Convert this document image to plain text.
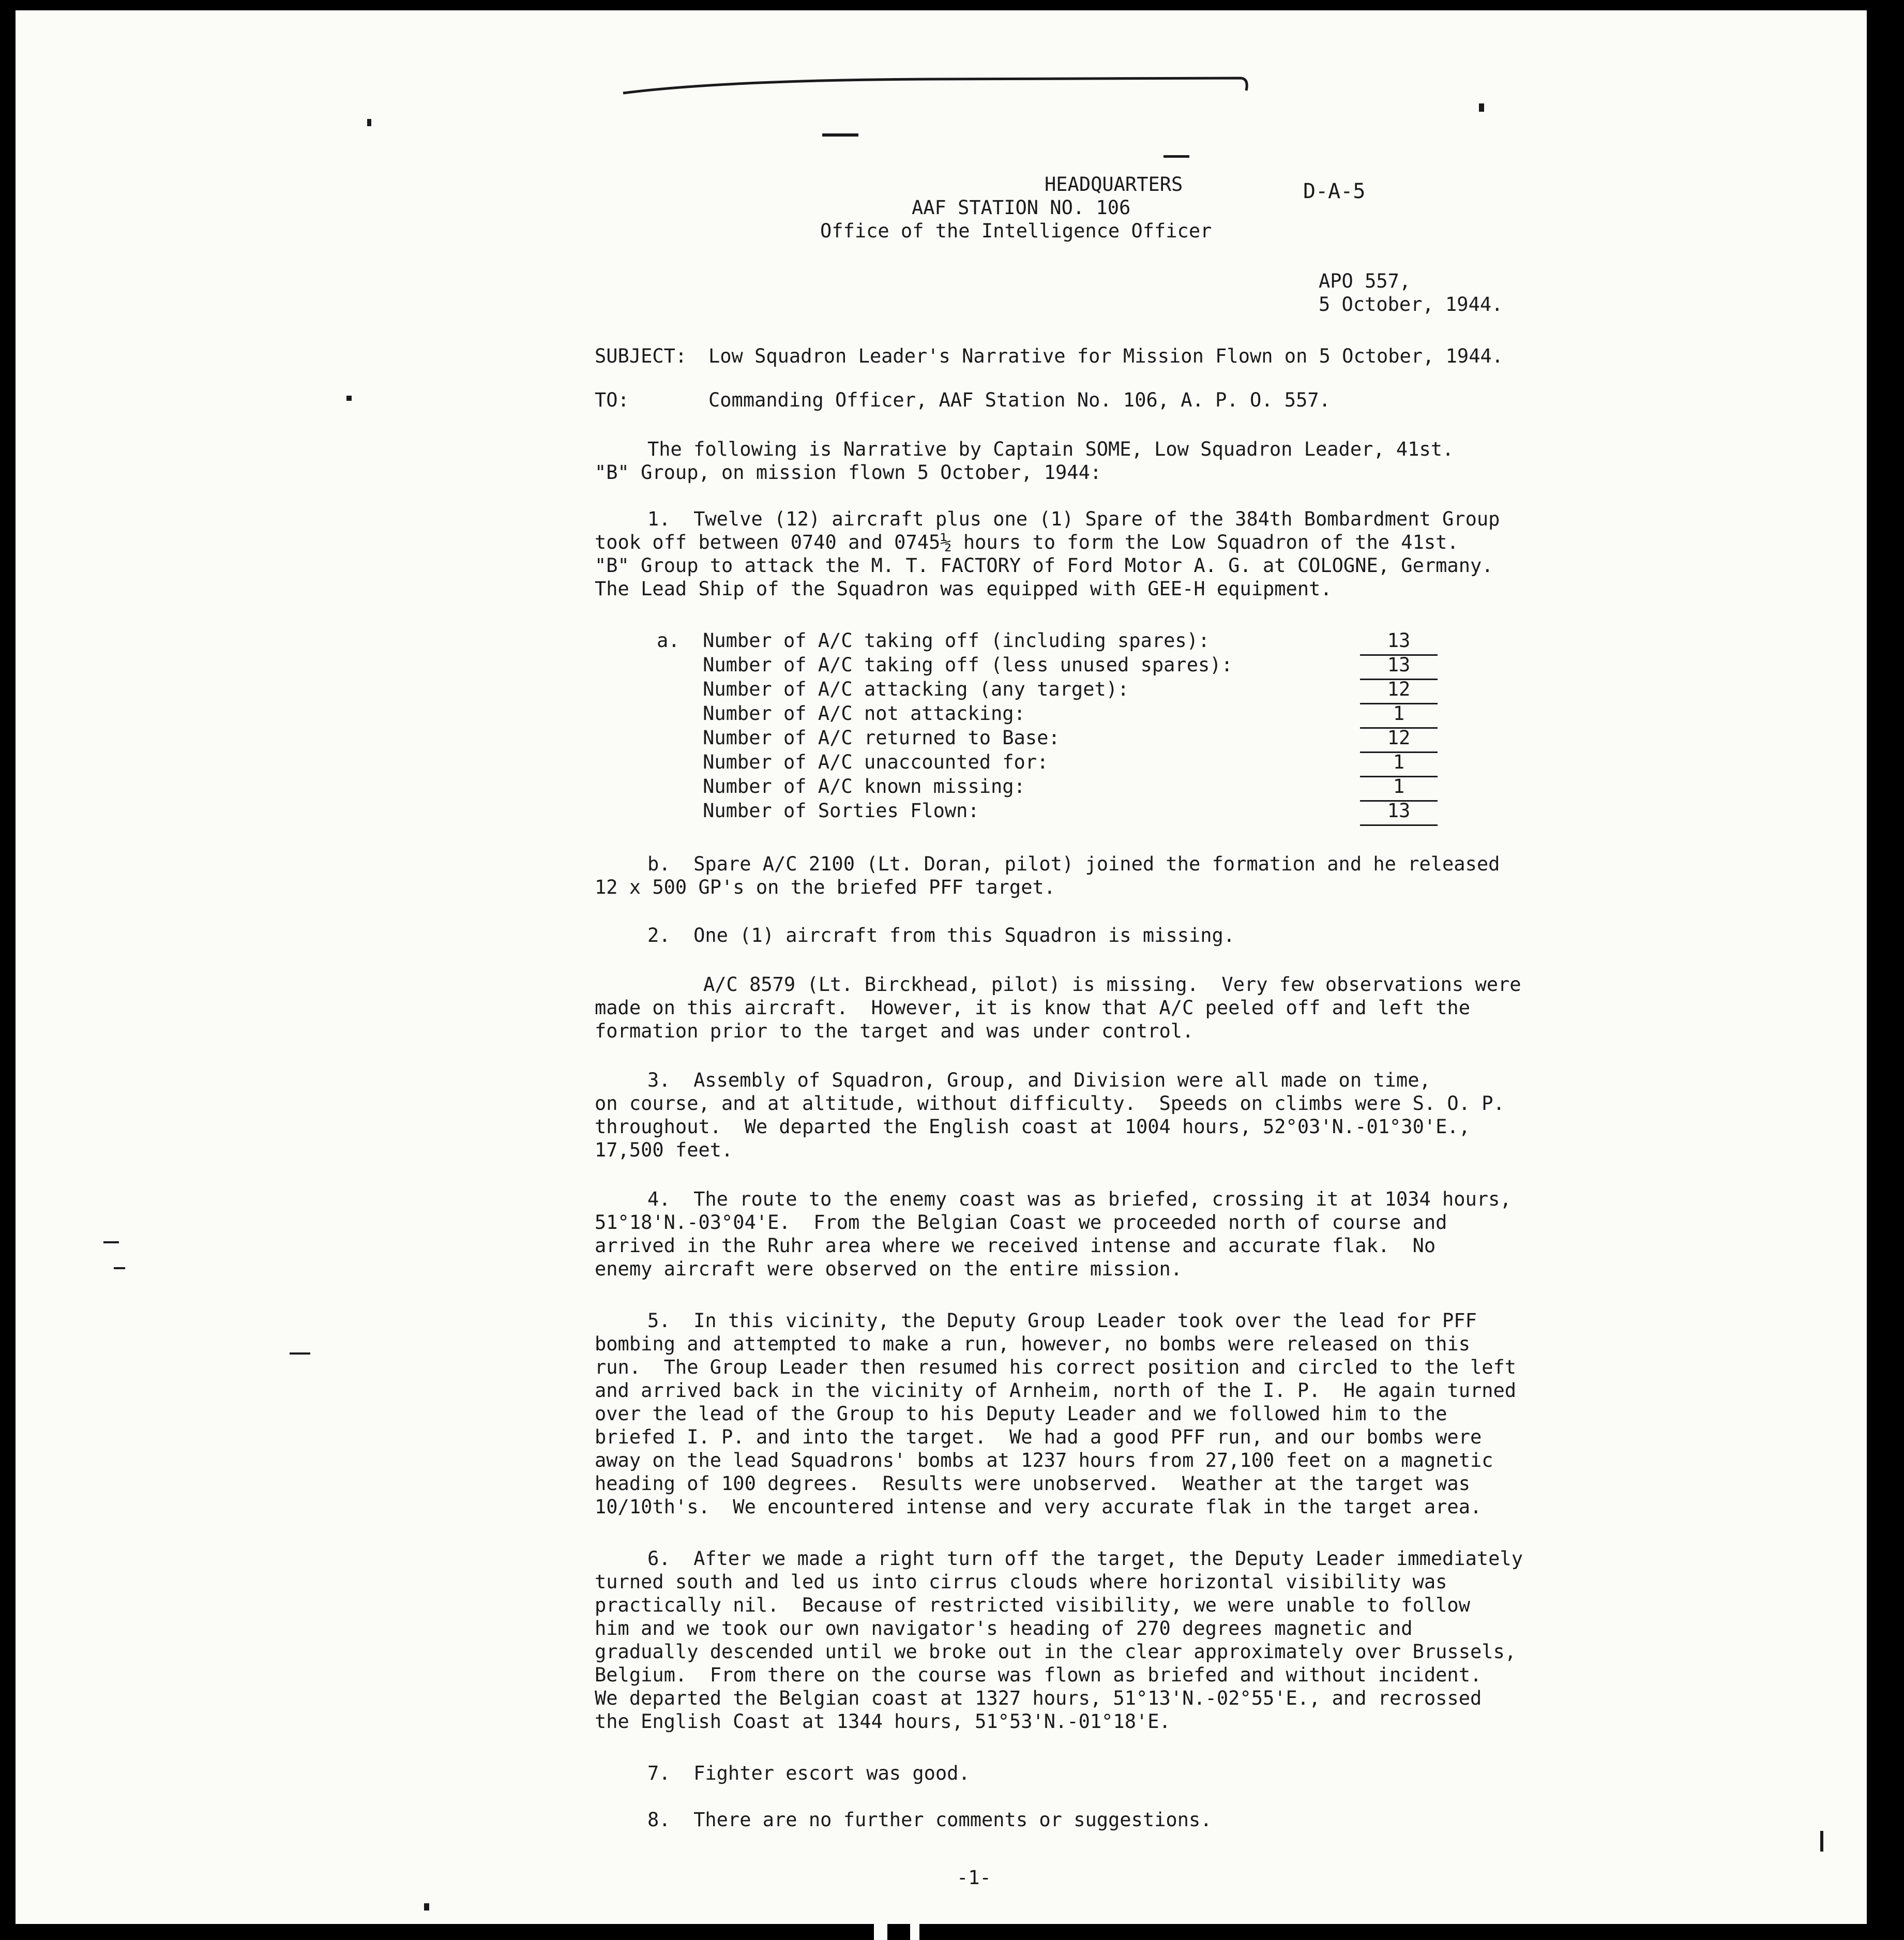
HEADQUARTERS
AAF STATION NO. 106
Office of the Intelligence Officer
D-A-5
APO 557,
5 October, 1944.
SUBJECT: Low Squadron Leader's Narrative for Mission Flown on 5 October, 1944.
TO:	Commanding Officer, AAF Station No. 106, A. P. O. 557.
The following is Narrative by Captain SOME, Low Squadron Leader, 41st.
"B" Group, on mission flown 5 October, 1944:
1.  Twelve (12) aircraft plus one (1) Spare of the 384th Bombardment Group
took off between 0740 and 0745½ hours to form the Low Squadron of the 41st.
"B" Group to attack the M. T. FACTORY of Ford Motor A. G. at COLOGNE, Germany.
The Lead Ship of the Squadron was equipped with GEE-H equipment.
a.  Number of A/C taking off (including spares):	13
Number of A/C taking off (less unused spares):	13
Number of A/C attacking (any target):	12
Number of A/C not attacking:	1
Number of A/C returned to Base:	12
Number of A/C unaccounted for:	1
Number of A/C known missing:	1
Number of Sorties Flown:	13
b.  Spare A/C 2100 (Lt. Doran, pilot) joined the formation and he released
12 x 500 GP's on the briefed PFF target.
2.  One (1) aircraft from this Squadron is missing.
A/C 8579 (Lt. Birckhead, pilot) is missing.  Very few observations were
made on this aircraft.  However, it is know that A/C peeled off and left the
formation prior to the target and was under control.
3.  Assembly of Squadron, Group, and Division were all made on time,
on course, and at altitude, without difficulty.  Speeds on climbs were S. O. P.
throughout.  We departed the English coast at 1004 hours, 52°03'N.-01°30'E.,
17,500 feet.
4.  The route to the enemy coast was as briefed, crossing it at 1034 hours,
51°18'N.-03°04'E.  From the Belgian Coast we proceeded north of course and
arrived in the Ruhr area where we received intense and accurate flak.  No
enemy aircraft were observed on the entire mission.
5.  In this vicinity, the Deputy Group Leader took over the lead for PFF
bombing and attempted to make a run, however, no bombs were released on this
run.  The Group Leader then resumed his correct position and circled to the left
and arrived back in the vicinity of Arnheim, north of the I. P.  He again turned
over the lead of the Group to his Deputy Leader and we followed him to the
briefed I. P. and into the target.  We had a good PFF run, and our bombs were
away on the lead Squadrons' bombs at 1237 hours from 27,100 feet on a magnetic
heading of 100 degrees.  Results were unobserved.  Weather at the target was
10/10th's.  We encountered intense and very accurate flak in the target area.
6.  After we made a right turn off the target, the Deputy Leader immediately
turned south and led us into cirrus clouds where horizontal visibility was
practically nil.  Because of restricted visibility, we were unable to follow
him and we took our own navigator's heading of 270 degrees magnetic and
gradually descended until we broke out in the clear approximately over Brussels,
Belgium.  From there on the course was flown as briefed and without incident.
We departed the Belgian coast at 1327 hours, 51°13'N.-02°55'E., and recrossed
the English Coast at 1344 hours, 51°53'N.-01°18'E.
7.  Fighter escort was good.
8.  There are no further comments or suggestions.
-1-
